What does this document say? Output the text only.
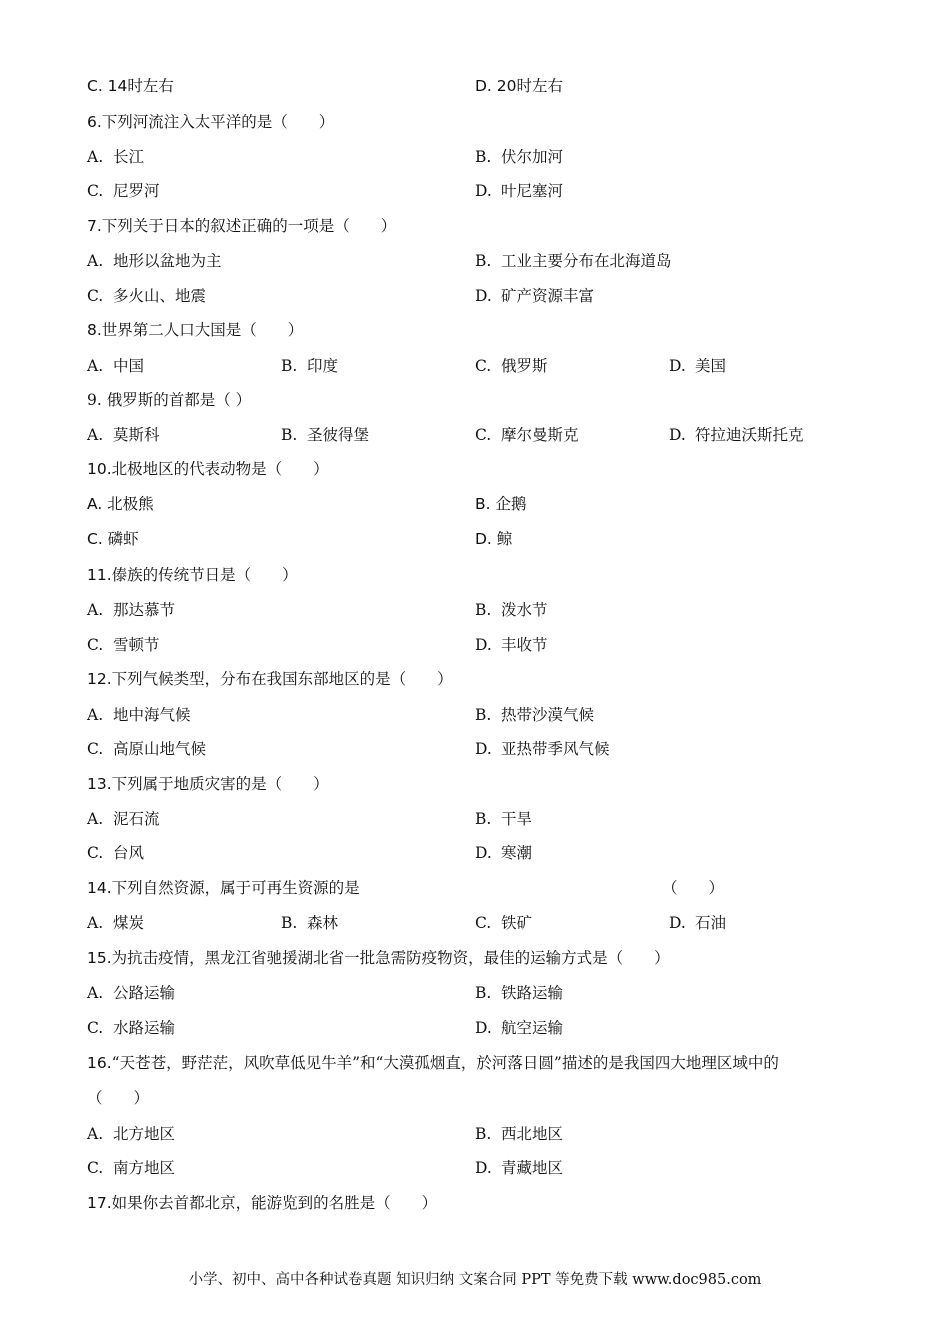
C. 14时左右	D. 20时左右
6.下列河流注入太平洋的是（　　）
A. 长江	B. 伏尔加河
C. 尼罗河	D. 叶尼塞河
7.下列关于日本的叙述正确的一项是（　　）
A. 地形以盆地为主	B. 工业主要分布在北海道岛
C. 多火山、地震	D. 矿产资源丰富
8.世界第二人口大国是（　　）
A. 中国	B. 印度	C. 俄罗斯	D. 美国
9. 俄罗斯的首都是（ ）
A. 莫斯科	B. 圣彼得堡	C. 摩尔曼斯克	D. 符拉迪沃斯托克
10.北极地区的代表动物是（　　）
A. 北极熊	B. 企鹅
C. 磷虾	D. 鲸
11.傣族的传统节日是（　　）
A. 那达慕节	B. 泼水节
C. 雪顿节	D. 丰收节
12.下列气候类型，分布在我国东部地区的是（　　）
A. 地中海气候	B. 热带沙漠气候
C. 高原山地气候	D. 亚热带季风气候
13.下列属于地质灾害的是（　　）
A. 泥石流	B. 干旱
C. 台风	D. 寒潮
14.下列自然资源，属于可再生资源的是	（　　）
A. 煤炭	B. 森林	C. 铁矿	D. 石油
15.为抗击疫情，黑龙江省驰援湖北省一批急需防疫物资，最佳的运输方式是（　　）
A. 公路运输	B. 铁路运输
C. 水路运输	D. 航空运输
16.“天苍苍，野茫茫，风吹草低见牛羊”和“大漠孤烟直，於河落日圆”描述的是我国四大地理区域中的
（　　）
A. 北方地区	B. 西北地区
C. 南方地区	D. 青藏地区
17.如果你去首都北京，能游览到的名胜是（　　）
小学、初中、高中各种试卷真题 知识归纳 文案合同 PPT 等免费下载 www.doc985.com
